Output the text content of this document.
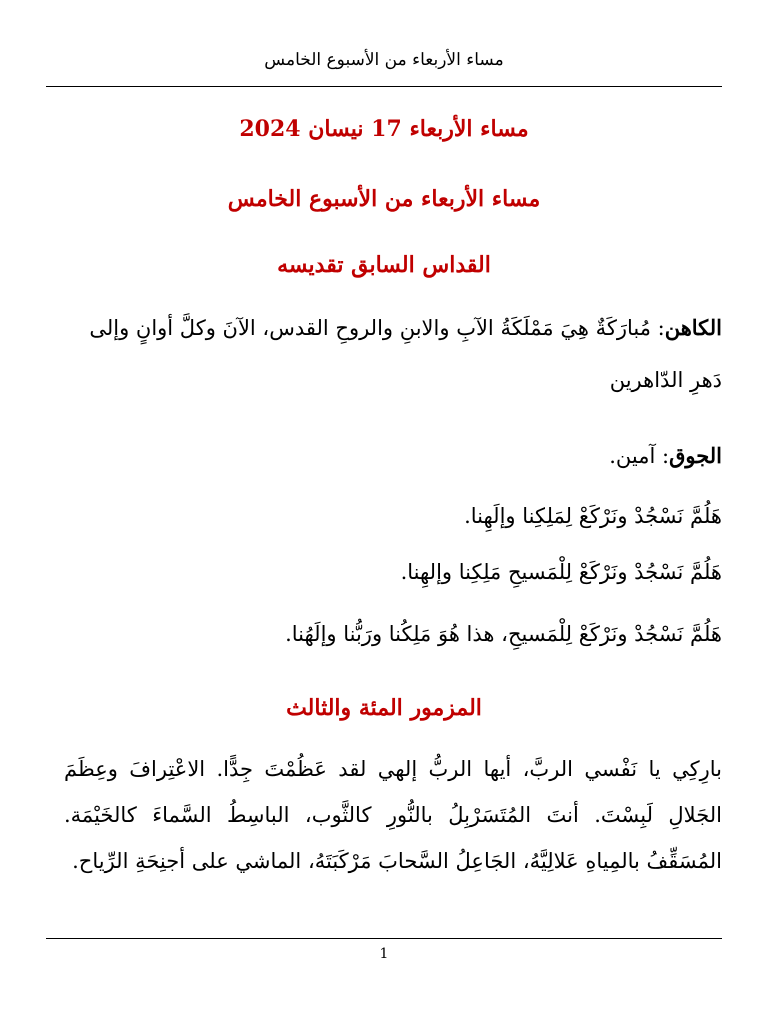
مساء الأربعاء من الأسبوع الخامس
مساء الأربعاء 17 نيسان 2024
مساء الأربعاء من الأسبوع الخامس
القداس السابق تقديسه
الكاهن: مُبارَكَةٌ هِيَ مَمْلَكَةُ الآبِ والابنِ والروحِ القدس، الآنَ وكلَّ أوانٍ وإلى دَهرِ الدّاهرين
الجوق: آمين.
هَلُمَّ نَسْجُدْ ونَرْكَعْ لِمَلِكِنا وإلَهِنا.
هَلُمَّ نَسْجُدْ ونَرْكَعْ لِلْمَسيحِ مَلِكِنا وإلهِنا.
هَلُمَّ نَسْجُدْ ونَرْكَعْ لِلْمَسيحِ، هذا هُوَ مَلِكُنا ورَبُّنا وإلَهُنا.
المزمور المئة والثالث
بارِكِي يا نَفْسي الربَّ، أيها الربُّ إلهي لقد عَظُمْتَ جِدًّا. الاعْتِرافَ وعِظَمَ الجَلالِ لَبِسْتَ. أنتَ المُتَسَرْبِلُ بالنُّورِ كالثَّوب، الباسِطُ السَّماءَ كالخَيْمَة. المُسَقِّفُ بالمِياهِ عَلالِيَّهُ، الجَاعِلُ السَّحابَ مَرْكَبَتَهُ، الماشي على أجنِحَةِ الرِّياح.
1
